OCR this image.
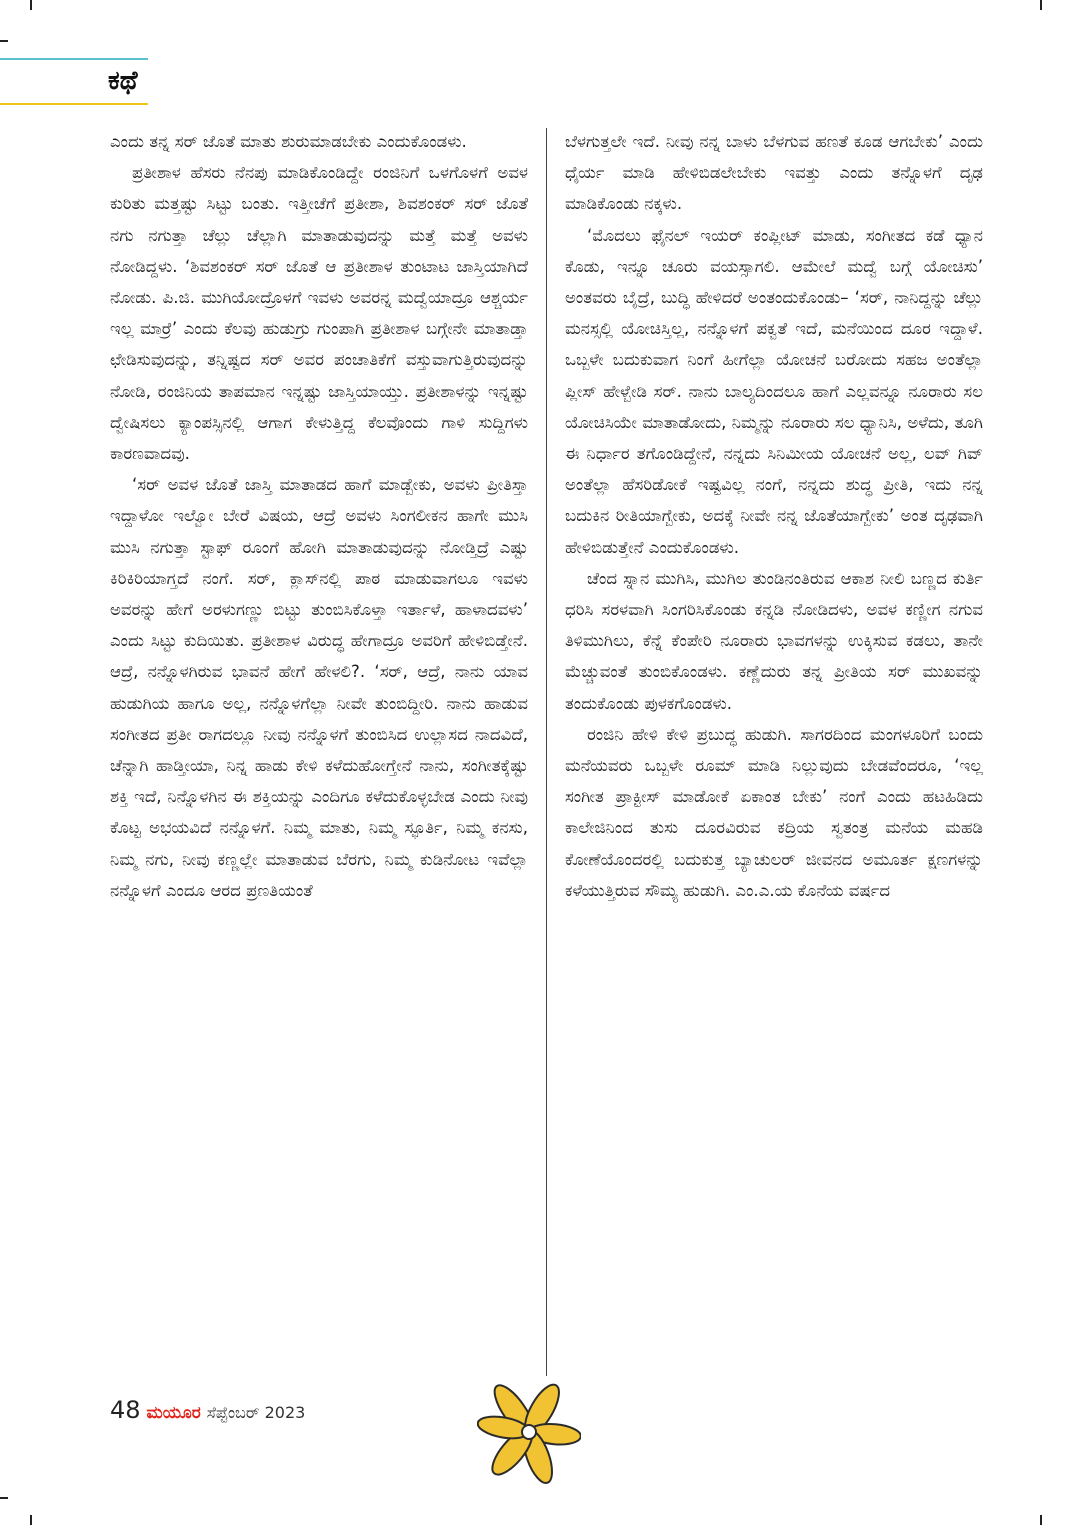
ಕಥೆ

ಎಂದು ತನ್ನ ಸರ್ ಜೊತೆ ಮಾತು ಶುರುಮಾಡಬೇಕು ಎಂದುಕೊಂಡಳು.

ಪ್ರತೀಶಾಳ ಹೆಸರು ನೆನಪು ಮಾಡಿಕೊಂಡಿದ್ದೇ ರಂಜಿನಿಗೆ ಒಳಗೊಳಗೆ ಅವಳ ಕುರಿತು ಮತ್ತಷ್ಟು ಸಿಟ್ಟು ಬಂತು. ಇತ್ತೀಚೆಗೆ ಪ್ರತೀಶಾ, ಶಿವಶಂಕರ್ ಸರ್ ಜೊತೆ ನಗು ನಗುತ್ತಾ ಚೆಲ್ಲು ಚೆಲ್ಲಾಗಿ ಮಾತಾಡುವುದನ್ನು ಮತ್ತೆ ಮತ್ತೆ ಅವಳು ನೋಡಿದ್ದಳು. ‘ಶಿವಶಂಕರ್ ಸರ್ ಜೊತೆ ಆ ಪ್ರತೀಶಾಳ ತುಂಟಾಟ ಜಾಸ್ತಿಯಾಗಿದೆ ನೋಡು. ಪಿ.ಜಿ. ಮುಗಿಯೋದ್ರೊಳಗೆ ಇವಳು ಅವರನ್ನ ಮದ್ವೆಯಾದ್ರೂ ಆಶ್ಚರ್ಯ ಇಲ್ಲ ಮಾರ್ರೆ’ ಎಂದು ಕೆಲವು ಹುಡುಗ್ರು ಗುಂಪಾಗಿ ಪ್ರತೀಶಾಳ ಬಗ್ಗೇನೇ ಮಾತಾಡ್ತಾ ಛೇಡಿಸುವುದನ್ನು, ತನ್ನಿಷ್ಟದ ಸರ್ ಅವರ ಪಂಚಾತಿಕೆಗೆ ವಸ್ತುವಾಗುತ್ತಿರುವುದನ್ನು ನೋಡಿ, ರಂಜಿನಿಯ ತಾಪಮಾನ ಇನ್ನಷ್ಟು ಜಾಸ್ತಿಯಾಯ್ತು. ಪ್ರತೀಶಾಳನ್ನು ಇನ್ನಷ್ಟು ದ್ವೇಷಿಸಲು ಕ್ಯಾಂಪಸ್ಸಿನಲ್ಲಿ ಆಗಾಗ ಕೇಳುತ್ತಿದ್ದ ಕೆಲವೊಂದು ಗಾಳಿ ಸುದ್ದಿಗಳು ಕಾರಣವಾದವು.

‘ಸರ್ ಅವಳ ಜೊತೆ ಜಾಸ್ತಿ ಮಾತಾಡದ ಹಾಗೆ ಮಾಡ್ಬೇಕು, ಅವಳು ಪ್ರೀತಿಸ್ತಾ ಇದ್ದಾಳೋ ಇಲ್ವೋ ಬೇರೆ ವಿಷಯ, ಆದ್ರೆ ಅವಳು ಸಿಂಗಲೀಕನ ಹಾಗೇ ಮುಸಿ ಮುಸಿ ನಗುತ್ತಾ ಸ್ಟಾಫ್ ರೂಂಗೆ ಹೋಗಿ ಮಾತಾಡುವುದನ್ನು ನೋಡ್ತಿದ್ರೆ ಎಷ್ಟು ಕಿರಿಕಿರಿಯಾಗ್ತದೆ ನಂಗೆ. ಸರ್, ಕ್ಲಾಸ್‌ನಲ್ಲಿ ಪಾಠ ಮಾಡುವಾಗಲೂ ಇವಳು ಅವರನ್ನು ಹೇಗೆ ಅರಳುಗಣ್ಣು ಬಿಟ್ಟು ತುಂಬಿಸಿಕೊಳ್ತಾ ಇರ್ತಾಳೆ, ಹಾಳಾದವಳು’ ಎಂದು ಸಿಟ್ಟು ಕುದಿಯಿತು. ಪ್ರತೀಶಾಳ ವಿರುದ್ಧ ಹೇಗಾದ್ರೂ ಅವರಿಗೆ ಹೇಳಿಬಿಡ್ತೇನೆ. ಆದ್ರೆ, ನನ್ನೊಳಗಿರುವ ಭಾವನೆ ಹೇಗೆ ಹೇಳಲಿ?. ‘ಸರ್, ಆದ್ರೆ, ನಾನು ಯಾವ ಹುಡುಗಿಯ ಹಾಗೂ ಅಲ್ಲ, ನನ್ನೊಳಗೆಲ್ಲಾ ನೀವೇ ತುಂಬಿದ್ದೀರಿ. ನಾನು ಹಾಡುವ ಸಂಗೀತದ ಪ್ರತೀ ರಾಗದಲ್ಲೂ ನೀವು ನನ್ನೊಳಗೆ ತುಂಬಿಸಿದ ಉಲ್ಲಾಸದ ನಾದವಿದೆ, ಚೆನ್ನಾಗಿ ಹಾಡ್ತೀಯಾ, ನಿನ್ನ ಹಾಡು ಕೇಳಿ ಕಳೆದುಹೋಗ್ತೇನೆ ನಾನು, ಸಂಗೀತಕ್ಕೆಷ್ಟು ಶಕ್ತಿ ಇದೆ, ನಿನ್ನೊಳಗಿನ ಈ ಶಕ್ತಿಯನ್ನು ಎಂದಿಗೂ ಕಳೆದುಕೊಳ್ಳಬೇಡ ಎಂದು ನೀವು ಕೊಟ್ಟ ಅಭಯವಿದೆ ನನ್ನೊಳಗೆ. ನಿಮ್ಮ ಮಾತು, ನಿಮ್ಮ ಸ್ಫೂರ್ತಿ, ನಿಮ್ಮ ಕನಸು, ನಿಮ್ಮ ನಗು, ನೀವು ಕಣ್ಣಲ್ಲೇ ಮಾತಾಡುವ ಬೆರಗು, ನಿಮ್ಮ ಕುಡಿನೋಟ ಇವೆಲ್ಲಾ ನನ್ನೊಳಗೆ ಎಂದೂ ಆರದ ಪ್ರಣತಿಯಂತೆ

ಬೆಳಗುತ್ತಲೇ ಇದೆ. ನೀವು ನನ್ನ ಬಾಳು ಬೆಳಗುವ ಹಣತೆ ಕೂಡ ಆಗಬೇಕು’ ಎಂದು ಧೈರ್ಯ ಮಾಡಿ ಹೇಳಿಬಿಡಲೇಬೇಕು ಇವತ್ತು ಎಂದು ತನ್ನೊಳಗೆ ದೃಢ ಮಾಡಿಕೊಂಡು ನಕ್ಕಳು.

‘ಮೊದಲು ಫೈನಲ್ ಇಯರ್ ಕಂಪ್ಲೀಟ್ ಮಾಡು, ಸಂಗೀತದ ಕಡೆ ಧ್ಯಾನ ಕೊಡು, ಇನ್ನೂ ಚೂರು ವಯಸ್ಸಾಗಲಿ. ಆಮೇಲೆ ಮದ್ವೆ ಬಗ್ಗೆ ಯೋಚಿಸು’ ಅಂತವರು ಬೈದ್ರೆ, ಬುದ್ಧಿ ಹೇಳಿದರೆ ಅಂತಂದುಕೊಂಡು– ‘ಸರ್, ನಾನಿದ್ದನ್ನು ಚೆಲ್ಲು ಮನಸ್ಸಲ್ಲಿ ಯೋಚಿಸ್ತಿಲ್ಲ, ನನ್ನೊಳಗೆ ಪಕ್ವತೆ ಇದೆ, ಮನೆಯಿಂದ ದೂರ ಇದ್ದಾಳೆ. ಒಬ್ಬಳೇ ಬದುಕುವಾಗ ನಿಂಗೆ ಹೀಗೆಲ್ಲಾ ಯೋಚನೆ ಬರೋದು ಸಹಜ ಅಂತೆಲ್ಲಾ ಪ್ಲೀಸ್ ಹೇಳ್ಬೇಡಿ ಸರ್. ನಾನು ಬಾಲ್ಯದಿಂದಲೂ ಹಾಗೆ ಎಲ್ಲವನ್ನೂ ನೂರಾರು ಸಲ ಯೋಚಿಸಿಯೇ ಮಾತಾಡೋದು, ನಿಮ್ಮನ್ನು ನೂರಾರು ಸಲ ಧ್ಯಾನಿಸಿ, ಅಳೆದು, ತೂಗಿ ಈ ನಿರ್ಧಾರ ತಗೊಂಡಿದ್ದೇನೆ, ನನ್ನದು ಸಿನಿಮೀಯ ಯೋಚನೆ ಅಲ್ಲ, ಲವ್ ಗಿವ್ ಅಂತೆಲ್ಲಾ ಹೆಸರಿಡೋಕೆ ಇಷ್ಟವಿಲ್ಲ ನಂಗೆ, ನನ್ನದು ಶುದ್ಧ ಪ್ರೀತಿ, ಇದು ನನ್ನ ಬದುಕಿನ ರೀತಿಯಾಗ್ಬೇಕು, ಅದಕ್ಕೆ ನೀವೇ ನನ್ನ ಜೊತೆಯಾಗ್ಬೇಕು’ ಅಂತ ದೃಢವಾಗಿ ಹೇಳಿಬಿಡುತ್ತೇನೆ ಎಂದುಕೊಂಡಳು.

ಚೆಂದ ಸ್ನಾನ ಮುಗಿಸಿ, ಮುಗಿಲ ತುಂಡಿನಂತಿರುವ ಆಕಾಶ ನೀಲಿ ಬಣ್ಣದ ಕುರ್ತಿ ಧರಿಸಿ ಸರಳವಾಗಿ ಸಿಂಗರಿಸಿಕೊಂಡು ಕನ್ನಡಿ ನೋಡಿದಳು, ಅವಳ ಕಣ್ಣೀಗ ನಗುವ ತಿಳಿಮುಗಿಲು, ಕೆನ್ನೆ ಕೆಂಪೇರಿ ನೂರಾರು ಭಾವಗಳನ್ನು ಉಕ್ಕಿಸುವ ಕಡಲು, ತಾನೇ ಮೆಚ್ಚುವಂತೆ ತುಂಬಿಕೊಂಡಳು. ಕಣ್ಣೆದುರು ತನ್ನ ಪ್ರೀತಿಯ ಸರ್ ಮುಖವನ್ನು ತಂದುಕೊಂಡು ಪುಳಕಗೊಂಡಳು.

ರಂಜಿನಿ ಹೇಳಿ ಕೇಳಿ ಪ್ರಬುದ್ಧ ಹುಡುಗಿ. ಸಾಗರದಿಂದ ಮಂಗಳೂರಿಗೆ ಬಂದು ಮನೆಯವರು ಒಬ್ಬಳೇ ರೂಮ್ ಮಾಡಿ ನಿಲ್ಲುವುದು ಬೇಡವೆಂದರೂ, ‘ಇಲ್ಲ ಸಂಗೀತ ಪ್ರಾಕ್ಟೀಸ್ ಮಾಡೋಕೆ ಏಕಾಂತ ಬೇಕು’ ನಂಗೆ ಎಂದು ಹಟಹಿಡಿದು ಕಾಲೇಜಿನಿಂದ ತುಸು ದೂರವಿರುವ ಕದ್ರಿಯ ಸ್ವತಂತ್ರ ಮನೆಯ ಮಹಡಿ ಕೋಣೆಯೊಂದರಲ್ಲಿ ಬದುಕುತ್ತ ಬ್ಯಾಚುಲರ್ ಜೀವನದ ಅಮೂರ್ತ ಕ್ಷಣಗಳನ್ನು ಕಳೆಯುತ್ತಿರುವ ಸೌಮ್ಯ ಹುಡುಗಿ. ಎಂ.ಎ.ಯ ಕೊನೆಯ ವರ್ಷದ

48 ಮಯೂರ ಸೆಪ್ಟೆಂಬರ್ 2023
